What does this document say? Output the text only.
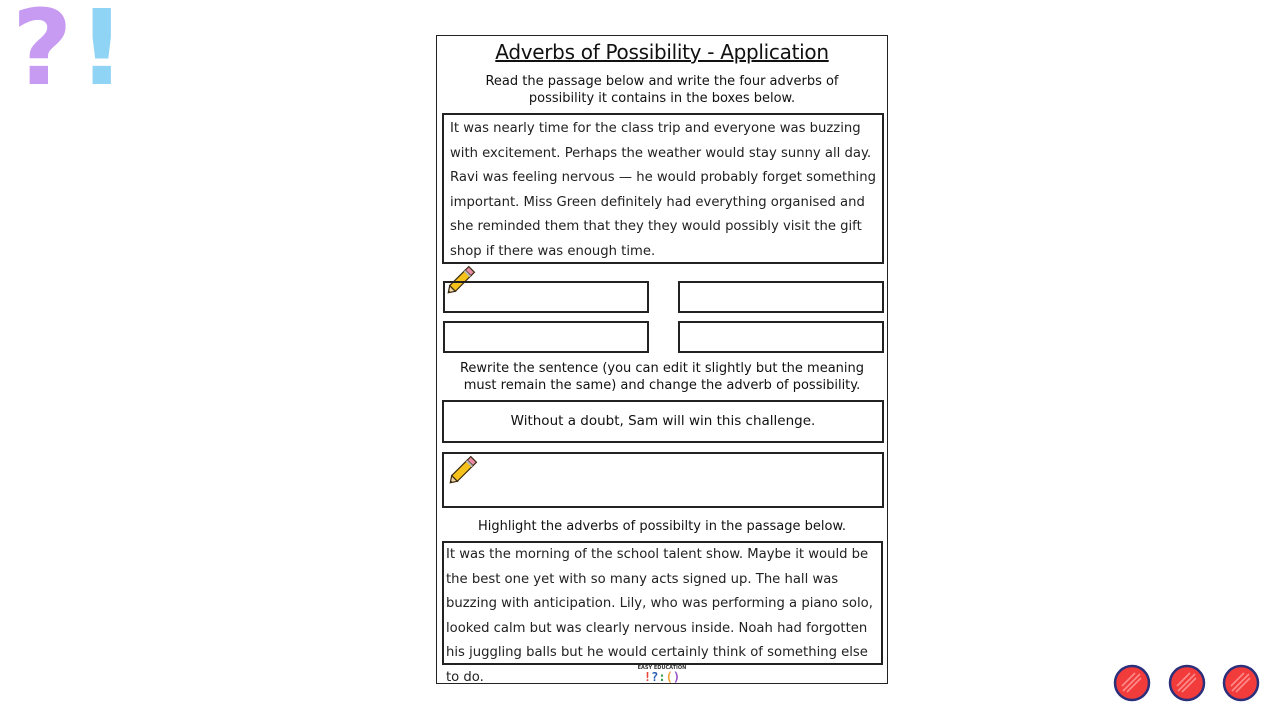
? !	Adverbs of Possibility - Application
Read the passage below and write the four adverbs of possibility it contains in the boxes below.
It was nearly time for the class trip and everyone was buzzing with excitement. Perhaps the weather would stay sunny all day. Ravi was feeling nervous — he would probably forget something important. Miss Green definitely had everything organised and she reminded them that they they would possibly visit the gift shop if there was enough time.
Rewrite the sentence (you can edit it slightly but the meaning must remain the same) and change the adverb of possibility.
Without a doubt, Sam will win this challenge.
Highlight the adverbs of possibilty in the passage below.
It was the morning of the school talent show. Maybe it would be the best one yet with so many acts signed up. The hall was buzzing with anticipation. Lily, who was performing a piano solo, looked calm but was clearly nervous inside. Noah had forgotten his juggling balls but he would certainly think of something else to do.
EASY EDUCATION
!?:()
